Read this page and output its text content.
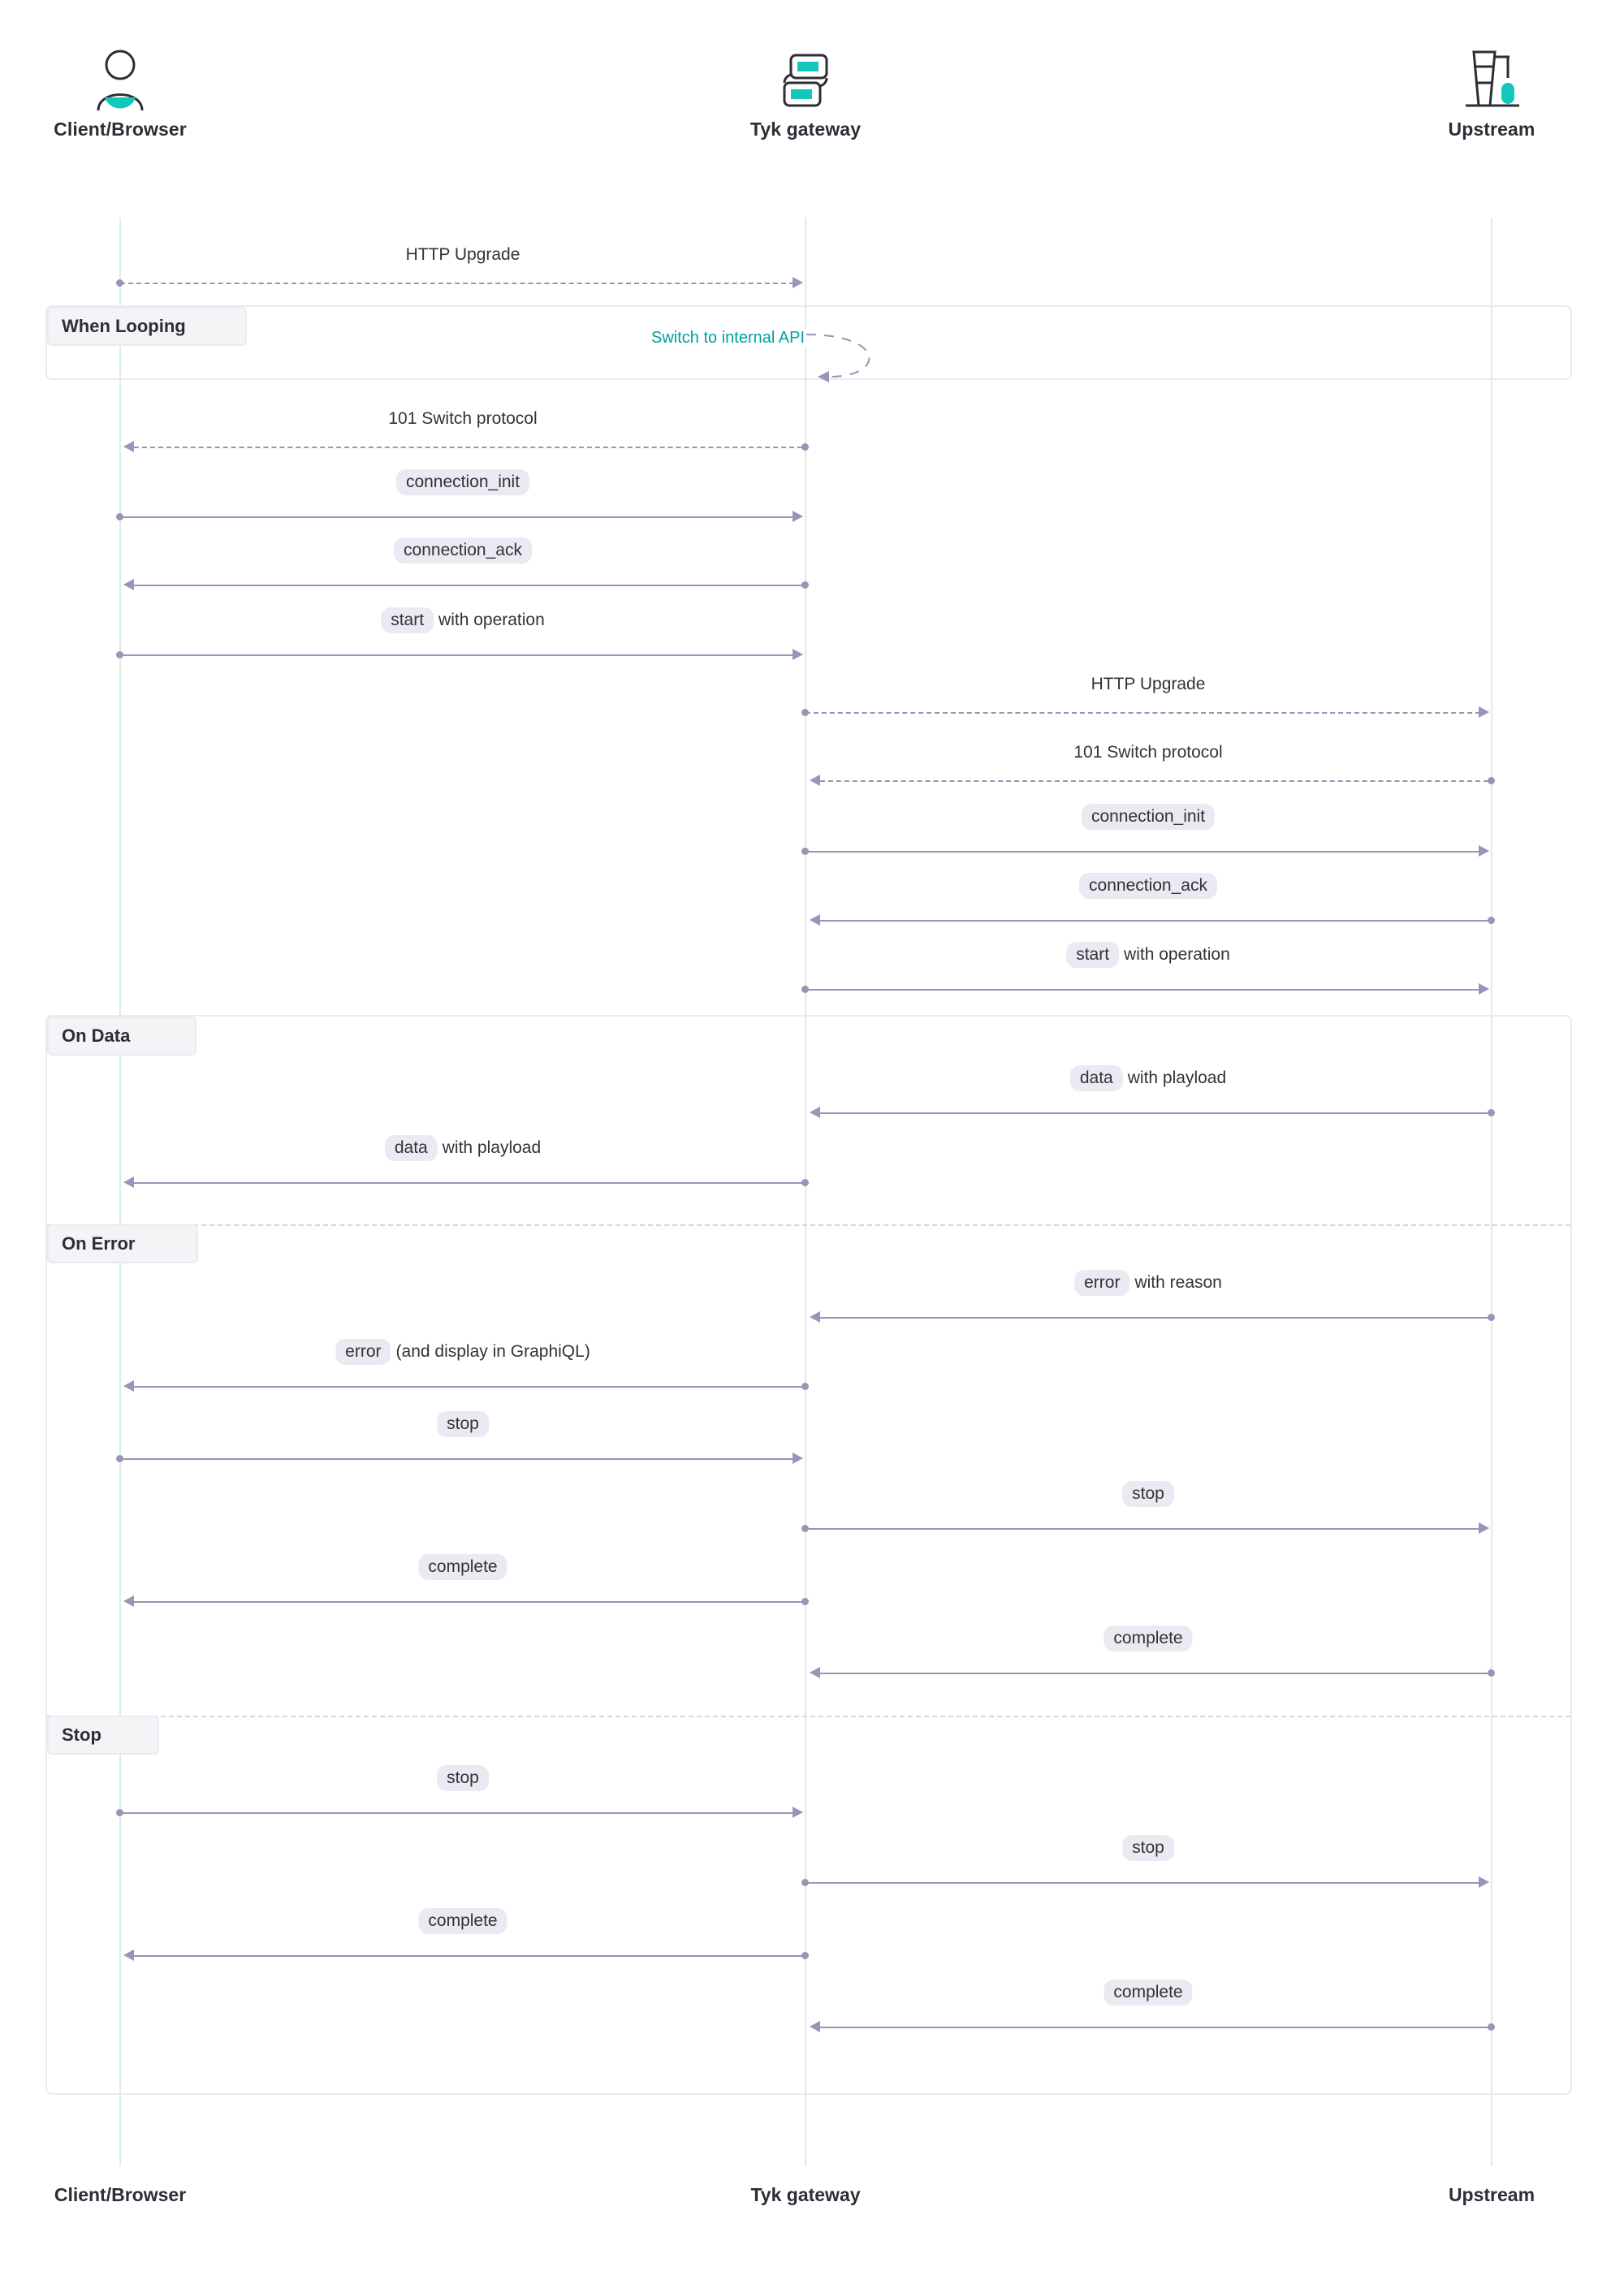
Client/Browser	Tyk gateway	Upstream
When Looping
On Data
On Error
Stop
HTTP Upgrade
Switch to internal API
101 Switch protocol
connection_init
connection_ack
start with operation
HTTP Upgrade
101 Switch protocol
connection_init
connection_ack
start with operation
data with playload
data with playload
error with reason
error (and display in GraphiQL)
stop
stop
complete
complete
stop
stop
complete
complete
Client/Browser	Tyk gateway	Upstream
